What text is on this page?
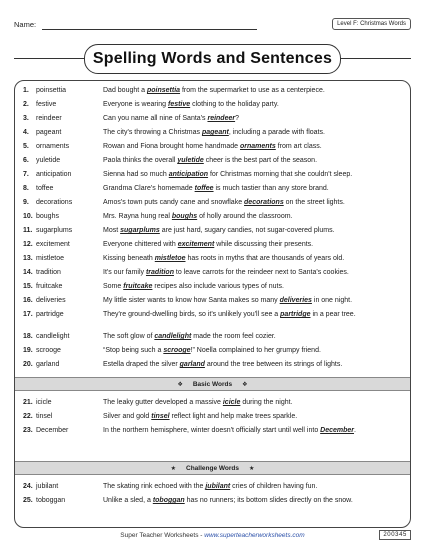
Name:	Level F: Christmas Words
Spelling Words and Sentences
1.	poinsettia	Dad bought a poinsettia from the supermarket to use as a centerpiece.
2.	festive	Everyone is wearing festive clothing to the holiday party.
3.	reindeer	Can you name all nine of Santa's reindeer?
4.	pageant	The city's throwing a Christmas pageant, including a parade with floats.
5.	ornaments	Rowan and Fiona brought home handmade ornaments from art class.
6.	yuletide	Paola thinks the overall yuletide cheer is the best part of the season.
7.	anticipation	Sienna had so much anticipation for Christmas morning that she couldn't sleep.
8.	toffee	Grandma Clare's homemade toffee is much tastier than any store brand.
9.	decorations	Amos's town puts candy cane and snowflake decorations on the street lights.
10. boughs	Mrs. Rayna hung real boughs of holly around the classroom.
11. sugarplums	Most sugarplums are just hard, sugary candies, not sugar-covered plums.
12. excitement	Everyone chittered with excitement while discussing their presents.
13. mistletoe	Kissing beneath mistletoe has roots in myths that are thousands of years old.
14. tradition	It's our family tradition to leave carrots for the reindeer next to Santa's cookies.
15. fruitcake	Some fruitcake recipes also include various types of nuts.
16. deliveries	My little sister wants to know how Santa makes so many deliveries in one night.
17. partridge	They're ground-dwelling birds, so it's unlikely you'll see a partridge in a pear tree.
18. candlelight	The soft glow of candlelight made the room feel cozier.
19. scrooge	“Stop being such a scrooge!” Noella complained to her grumpy friend.
20. garland	Estella draped the silver garland around the tree between its strings of lights.
❖ Basic Words ❖
21. icicle	The leaky gutter developed a massive icicle during the night.
22. tinsel	Silver and gold tinsel reflect light and help make trees sparkle.
23. December	In the northern hemisphere, winter doesn't officially start until well into December.
★ Challenge Words ★
24. jubilant	The skating rink echoed with the jubilant cries of children having fun.
25. toboggan	Unlike a sled, a toboggan has no runners; its bottom slides directly on the snow.
Super Teacher Worksheets - www.superteacherworksheets.com	200345
